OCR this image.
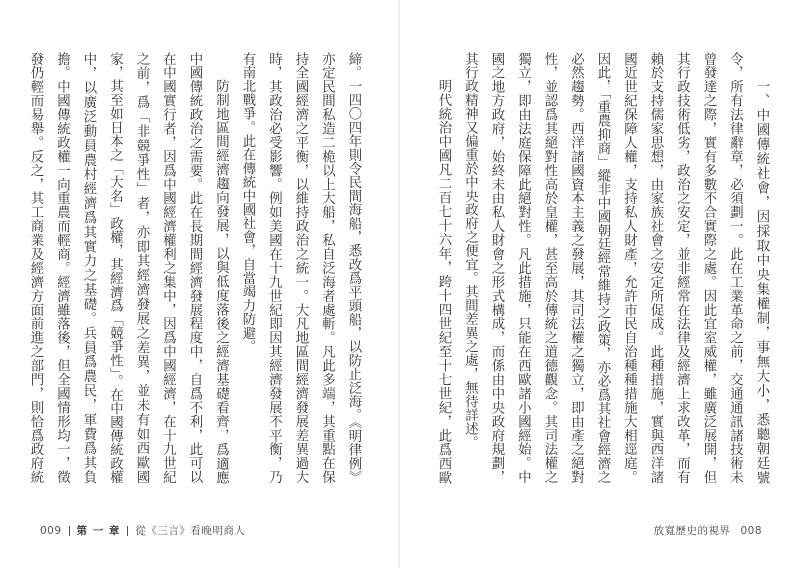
締。一四〇四年則令民間海船，悉改爲平頭船，以防止泛海。《明律例》亦定民間私造二桅以上大船，私自泛海者處斬。凡此多端，其重點在保持全國經濟之平衡，以維持政治之統一。大凡地區間經濟發展差異過大時，其政治必受影響。例如美國在十九世紀即因其經濟發展不平衡，乃有南北戰爭。此在傳統中國社會，自當竭力防避。

防制地區間經濟趨向發展，以與低度落後之經濟基礎看齊，爲適應中國傳統政治之需要。此在長期間經濟發展程度中，自爲不利，此可以在中國實行者，因爲中國經濟權利之集中，因爲中國經濟，在十九世紀之前，爲「非競爭性」者，亦即其經濟發展之差異，並未有如西歐國家，其至如日本之「大名」政權，其經濟爲「競爭性」。在中國傳統政權中，以廣泛動員農村經濟爲其實力之基礎。兵員爲農民，軍費爲其負擔。中國傳統政權一向重農而輕商。經濟雖落後，但全國情形均一，徵發仍輕而易舉。反之，其工商業及經濟方面前進之部門，則恰爲政府統

009 第 一 章 從《三言》看晚明商人

一、中國傳統社會，因採取中央集權制，事無大小，悉聽朝廷號令，所有法律辭章，必須劃一。此在工業革命之前，交通通訊諸技術未曾發達之際，實有多數不合實際之處。因此宜室威權，雖廣泛展開，但其行政技術低劣，政治之安定，並非經常在法律及經濟上求改革，而有賴於支持儒家思想，由家族社會之安定所促成。此種措施，實與西洋諸國近世紀保障人權，支持私人財產，允許市民自治種種措施大相逕庭。因此，「重農抑商」縱非中國朝廷經常維持之政策，亦必爲其社會經濟之必然趨勢。西洋諸國資本主義之發展，其司法權之獨立，即由產之絕對性，並認爲其絕對性高於皇權，甚至高於傳統之道德觀念。其司法權之獨立，即由法庭保障此絕對性。凡此措施，只能在西歐諸小國經始。中國之地方政府，始終未由私人財會之形式構成，而係由中央政府規劃，其行政精神又偏重於中央政府之便宜。其間差異之處，無待詳述。

明代統治中國凡二百七十六年，跨十四世紀至十七世紀，此爲西歐

放寬歷史的視界 008
